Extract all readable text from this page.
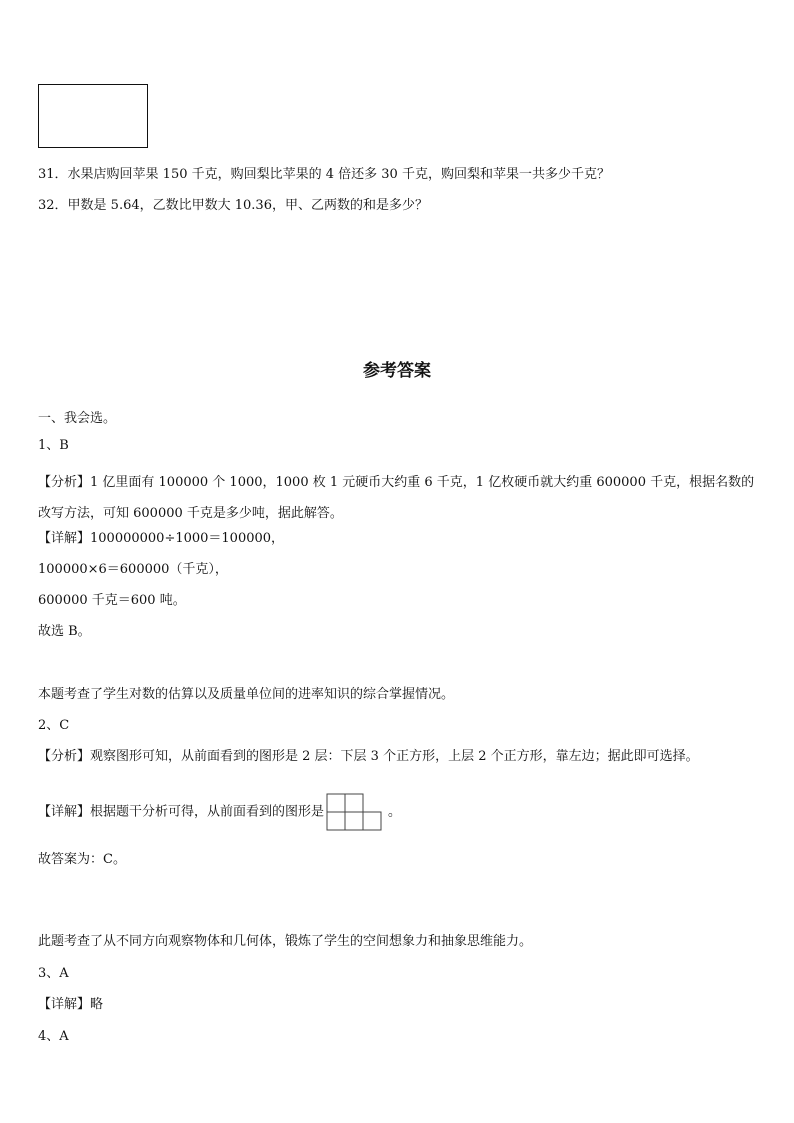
31．水果店购回苹果 150 千克，购回梨比苹果的 4 倍还多 30 千克，购回梨和苹果一共多少千克？
32．甲数是 5.64，乙数比甲数大 10.36，甲、乙两数的和是多少？
参考答案
一、我会选。
1、B
【分析】1 亿里面有 100000 个 1000，1000 枚 1 元硬币大约重 6 千克，1 亿枚硬币就大约重 600000 千克，根据名数的改写方法，可知 600000 千克是多少吨，据此解答。
【详解】100000000÷1000＝100000，
100000×6＝600000（千克），
600000 千克＝600 吨。
故选 B。
本题考查了学生对数的估算以及质量单位间的进率知识的综合掌握情况。
2、C
【分析】观察图形可知，从前面看到的图形是 2 层：下层 3 个正方形，上层 2 个正方形，靠左边；据此即可选择。
【详解】根据题干分析可得，从前面看到的图形是	。
故答案为：C。
此题考查了从不同方向观察物体和几何体，锻炼了学生的空间想象力和抽象思维能力。
3、A
【详解】略
4、A
